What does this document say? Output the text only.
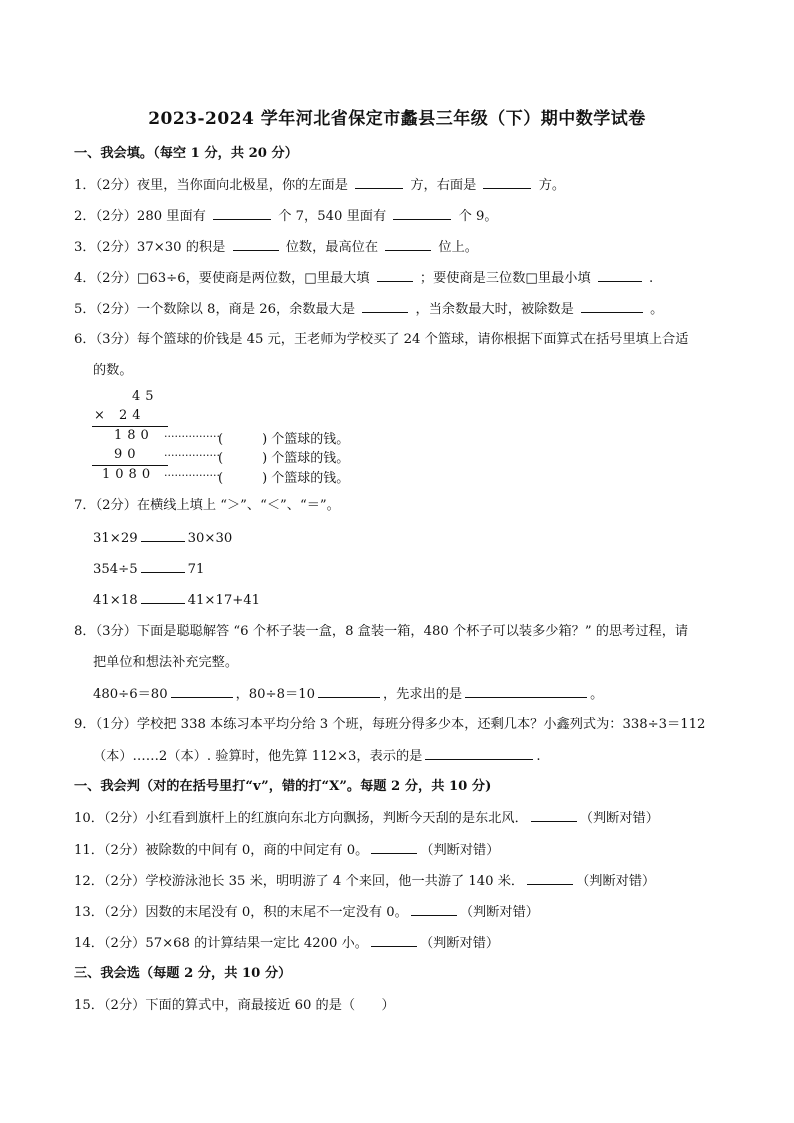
2023-2024 学年河北省保定市蠡县三年级（下）期中数学试卷
一、我会填。（每空 1 分，共 20 分）
1．（2分）夜里，当你面向北极星，你的左面是	方，右面是	方。
2．（2分）280 里面有	个 7，540 里面有	个 9。
3．（2分）37×30 的积是	位数，最高位在	位上。
4．（2分）□63÷6，要使商是两位数，□里最大填	；要使商是三位数□里最小填	.
5．（2分）一个数除以 8，商是 26，余数最大是	，当余数最大时，被除数是	。
6．（3分）每个篮球的价钱是 45 元，王老师为学校买了 24 个篮球，请你根据下面算式在括号里填上合适
的数。
45
× 24
180 ················
(　　　) 个篮球的钱。
90 ················
(　　　) 个篮球的钱。
1080 ················
(　　　) 个篮球的钱。
7．（2分）在横线上填上 “＞”、“＜”、“＝”。
31×29	30×30
354÷5	71
41×18	41×17+41
8．（3分）下面是聪聪解答 “6 个杯子装一盒，8 盒装一箱，480 个杯子可以装多少箱？” 的思考过程，请
把单位和想法补充完整。
480÷6＝80	，80÷8＝10	，先求出的是	。
9．（1分）学校把 338 本练习本平均分给 3 个班，每班分得多少本，还剩几本？小鑫列式为：338÷3＝112
（本）……2（本）. 验算时，他先算 112×3，表示的是	.
一、我会判（对的在括号里打“v”，错的打“X”。每题 2 分，共 10 分)
10．（2分）小红看到旗杆上的红旗向东北方向飘扬，判断今天刮的是东北风．	（判断对错）
11．（2分）被除数的中间有 0，商的中间定有 0。	（判断对错）
12．（2分）学校游泳池长 35 米，明明游了 4 个来回，他一共游了 140 米．	（判断对错）
13．（2分）因数的末尾没有 0，积的末尾不一定没有 0。	（判断对错）
14．（2分）57×68 的计算结果一定比 4200 小。	（判断对错）
三、我会选（每题 2 分，共 10 分）
15．（2分）下面的算式中，商最接近 60 的是（　　）
